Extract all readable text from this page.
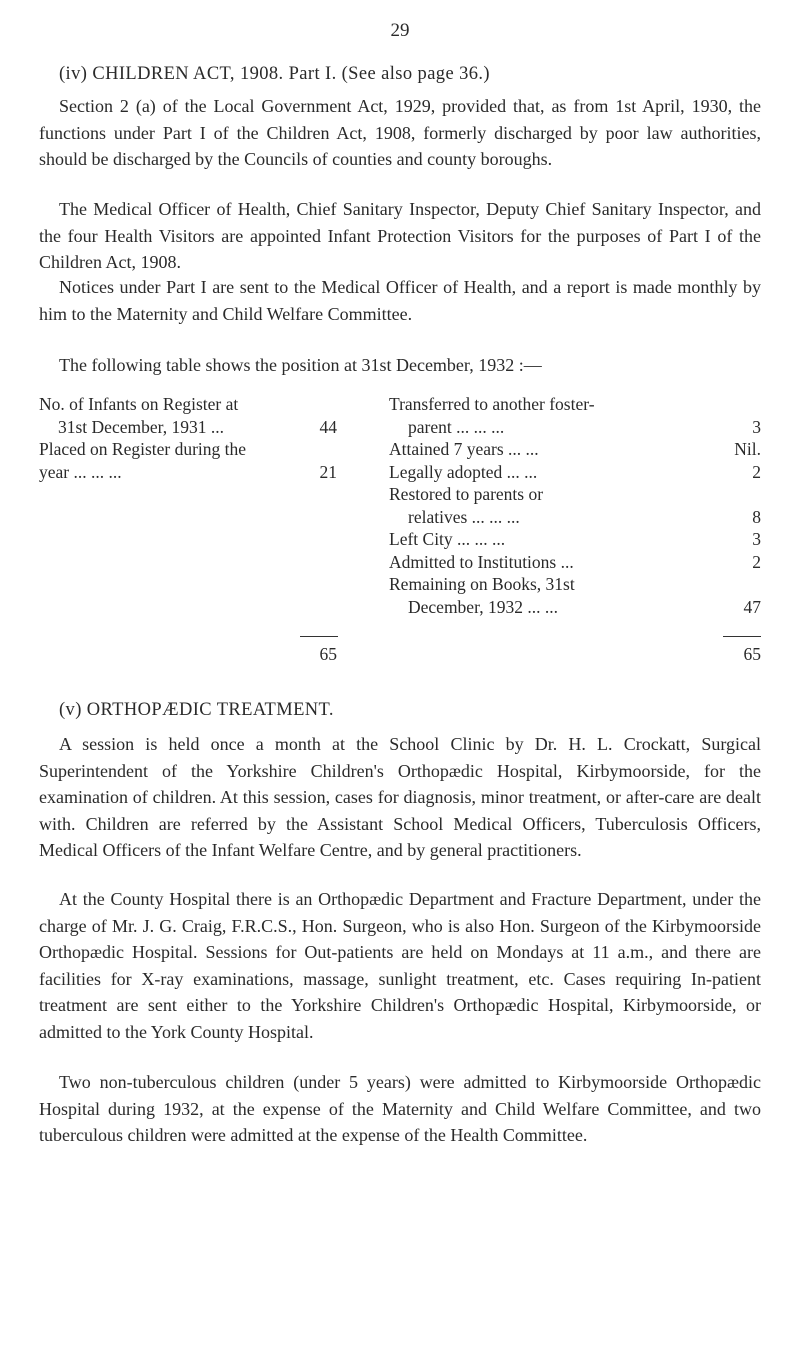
29
(iv) CHILDREN ACT, 1908. Part I. (See also page 36.)

Section 2 (a) of the Local Government Act, 1929, provided that, as from 1st April, 1930, the functions under Part I of the Children Act, 1908, formerly discharged by poor law authorities, should be discharged by the Councils of counties and county boroughs.

The Medical Officer of Health, Chief Sanitary Inspector, Deputy Chief Sanitary Inspector, and the four Health Visitors are appointed Infant Protection Visitors for the purposes of Part I of the Children Act, 1908.

Notices under Part I are sent to the Medical Officer of Health, and a report is made monthly by him to the Maternity and Child Welfare Committee.

The following table shows the position at 31st December, 1932 :—

No. of Infants on Register at
31st December, 1931 ...	44
Placed on Register during the
year ... ... ...	21
Transferred to another foster-
parent ... ... ...	3
Attained 7 years ... ...	Nil.
Legally adopted ... ...	2
Restored to parents or
relatives ... ... ...	8
Left City ... ... ...	3
Admitted to Institutions ...	2
Remaining on Books, 31st
December, 1932 ... ...	47
65	65
(v) ORTHOPÆDIC TREATMENT.

A session is held once a month at the School Clinic by Dr. H. L. Crockatt, Surgical Superintendent of the Yorkshire Children's Orthopædic Hospital, Kirbymoorside, for the examination of children. At this session, cases for diagnosis, minor treatment, or after-care are dealt with. Children are referred by the Assistant School Medical Officers, Tuberculosis Officers, Medical Officers of the Infant Welfare Centre, and by general practitioners.

At the County Hospital there is an Orthopædic Department and Fracture Department, under the charge of Mr. J. G. Craig, F.R.C.S., Hon. Surgeon, who is also Hon. Surgeon of the Kirbymoorside Orthopædic Hospital. Sessions for Out-patients are held on Mondays at 11 a.m., and there are facilities for X-ray examinations, massage, sunlight treatment, etc. Cases requiring In-patient treatment are sent either to the Yorkshire Children's Orthopædic Hospital, Kirbymoorside, or admitted to the York County Hospital.

Two non-tuberculous children (under 5 years) were admitted to Kirbymoorside Orthopædic Hospital during 1932, at the expense of the Maternity and Child Welfare Committee, and two tuberculous children were admitted at the expense of the Health Committee.
